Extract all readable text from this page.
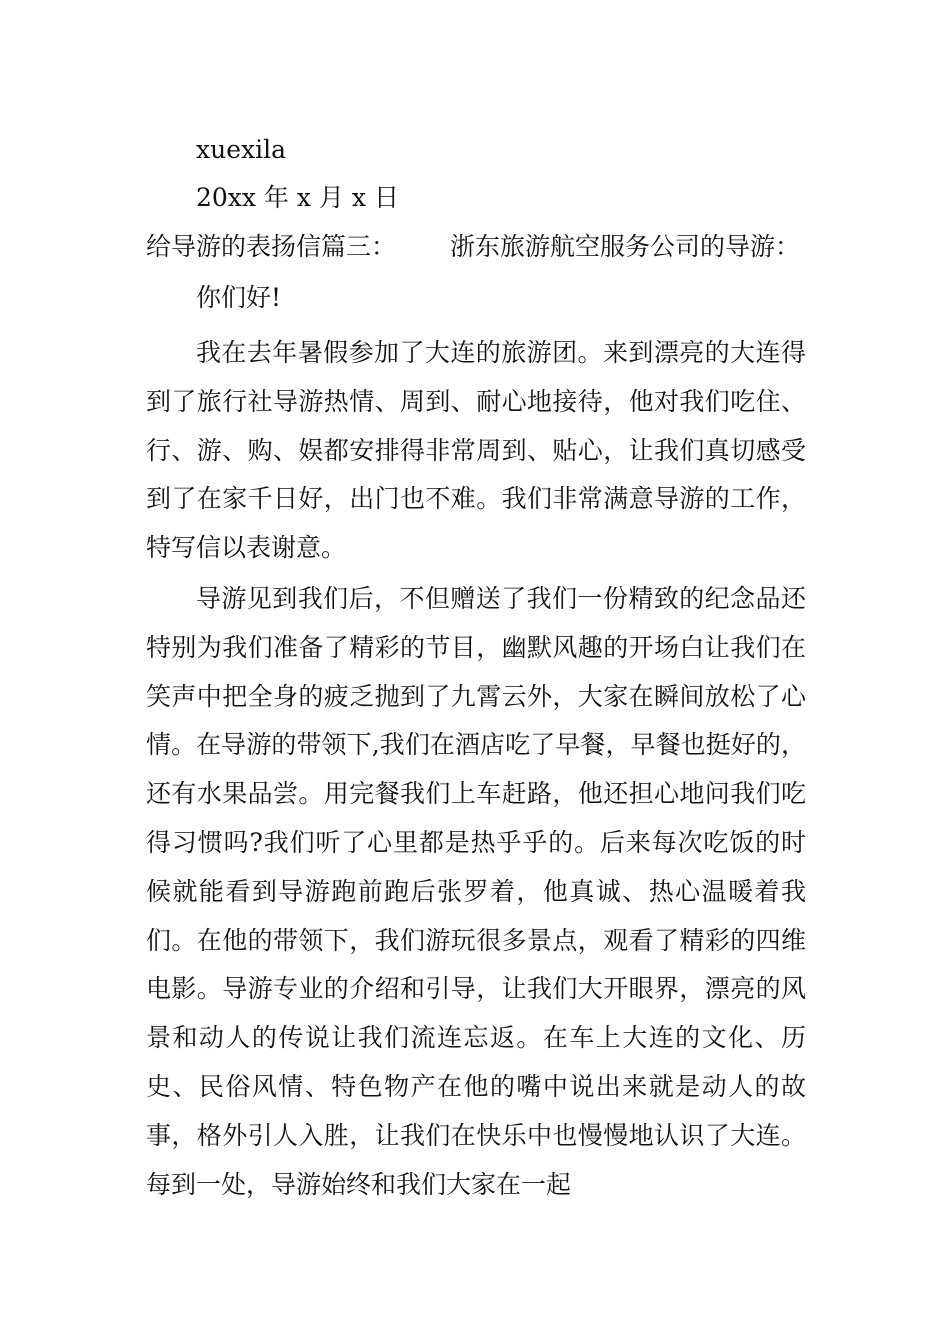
xuexila
20xx 年 x 月 x 日
给导游的表扬信篇三： 浙东旅游航空服务公司的导游：
你们好!

我在去年暑假参加了大连的旅游团。来到漂亮的大连得到了旅行社导游热情、周到、耐心地接待，他对我们吃住、行、游、购、娱都安排得非常周到、贴心，让我们真切感受到了在家千日好，出门也不难。我们非常满意导游的工作，特写信以表谢意。

导游见到我们后，不但赠送了我们一份精致的纪念品还特别为我们准备了精彩的节目，幽默风趣的开场白让我们在笑声中把全身的疲乏抛到了九霄云外，大家在瞬间放松了心情。在导游的带领下,我们在酒店吃了早餐，早餐也挺好的，还有水果品尝。用完餐我们上车赶路，他还担心地问我们吃得习惯吗?我们听了心里都是热乎乎的。后来每次吃饭的时候就能看到导游跑前跑后张罗着，他真诚、热心温暖着我们。在他的带领下，我们游玩很多景点，观看了精彩的四维电影。导游专业的介绍和引导，让我们大开眼界，漂亮的风景和动人的传说让我们流连忘返。在车上大连的文化、历史、民俗风情、特色物产在他的嘴中说出来就是动人的故事，格外引人入胜，让我们在快乐中也慢慢地认识了大连。每到一处，导游始终和我们大家在一起
